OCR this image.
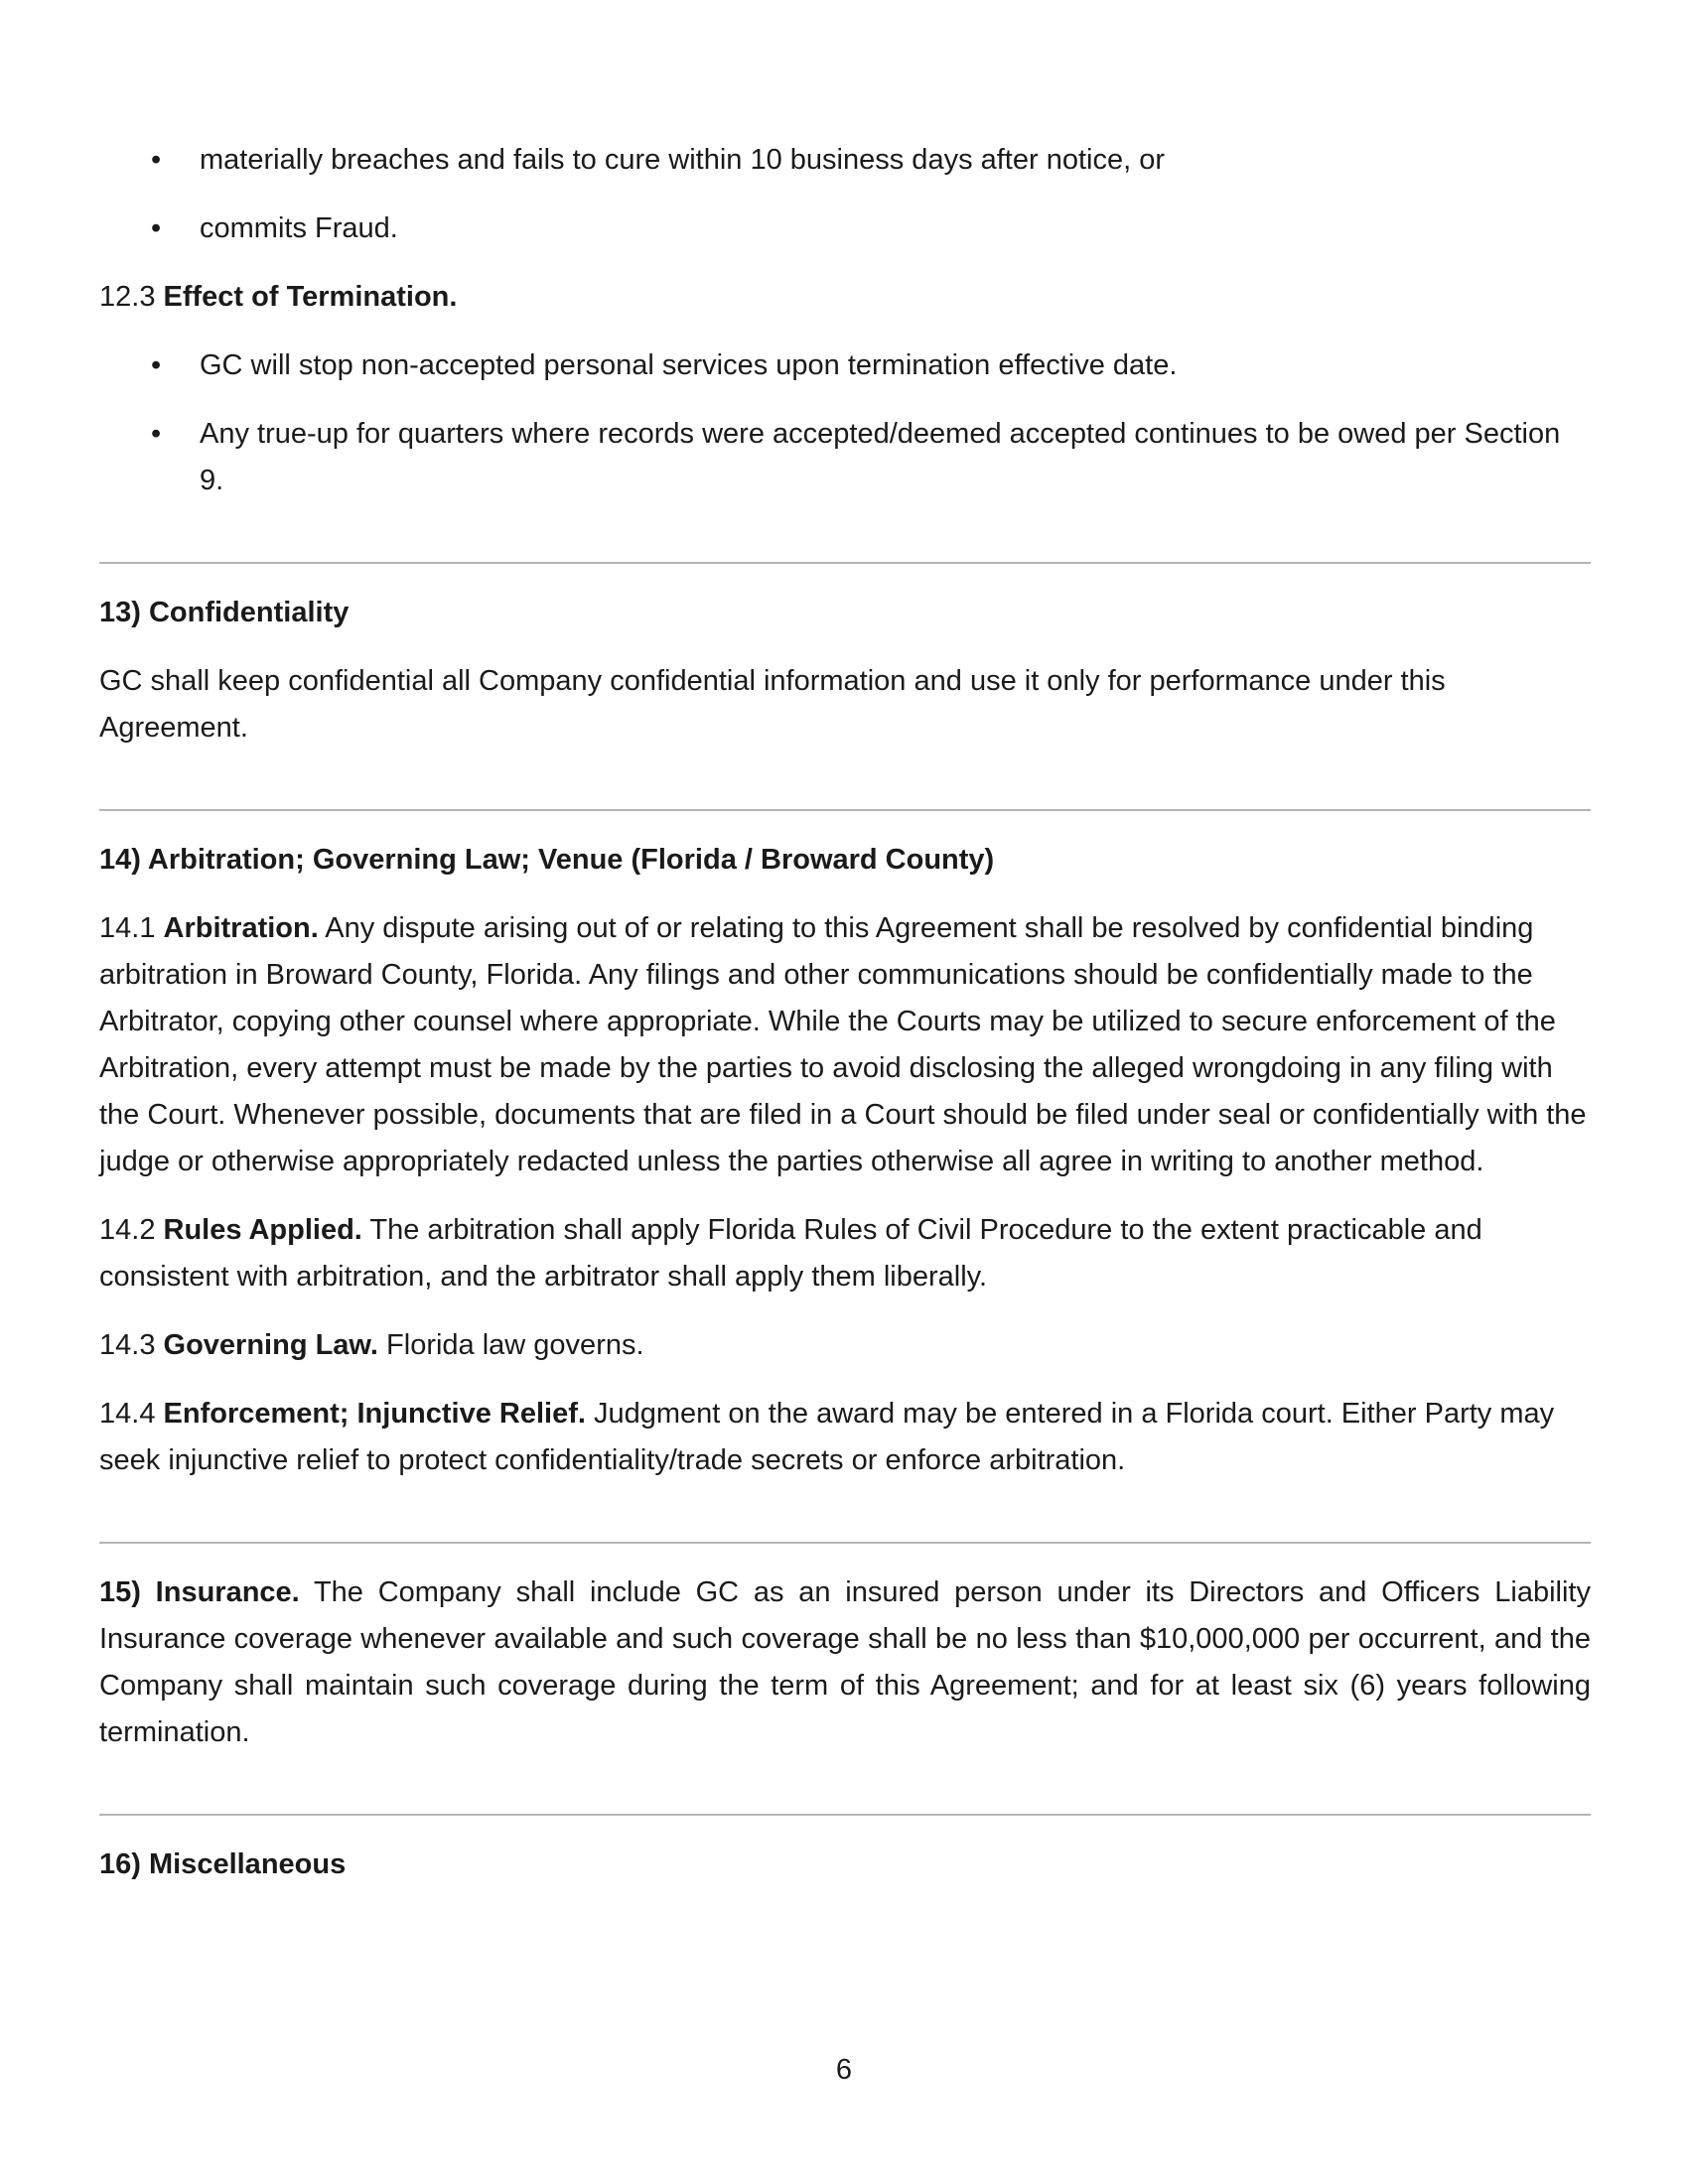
• materially breaches and fails to cure within 10 business days after notice, or
• commits Fraud.

12.3 Effect of Termination.

• GC will stop non-accepted personal services upon termination effective date.
• Any true-up for quarters where records were accepted/deemed accepted continues to be owed per Section 9.

13) Confidentiality

GC shall keep confidential all Company confidential information and use it only for performance under this Agreement.

14) Arbitration; Governing Law; Venue (Florida / Broward County)

14.1 Arbitration. Any dispute arising out of or relating to this Agreement shall be resolved by confidential binding arbitration in Broward County, Florida. Any filings and other communications should be confidentially made to the Arbitrator, copying other counsel where appropriate. While the Courts may be utilized to secure enforcement of the Arbitration, every attempt must be made by the parties to avoid disclosing the alleged wrongdoing in any filing with the Court. Whenever possible, documents that are filed in a Court should be filed under seal or confidentially with the judge or otherwise appropriately redacted unless the parties otherwise all agree in writing to another method.

14.2 Rules Applied. The arbitration shall apply Florida Rules of Civil Procedure to the extent practicable and consistent with arbitration, and the arbitrator shall apply them liberally.

14.3 Governing Law. Florida law governs.

14.4 Enforcement; Injunctive Relief. Judgment on the award may be entered in a Florida court. Either Party may seek injunctive relief to protect confidentiality/trade secrets or enforce arbitration.

15) Insurance. The Company shall include GC as an insured person under its Directors and Officers Liability Insurance coverage whenever available and such coverage shall be no less than $10,000,000 per occurrent, and the Company shall maintain such coverage during the term of this Agreement; and for at least six (6) years following termination.

16) Miscellaneous

6
